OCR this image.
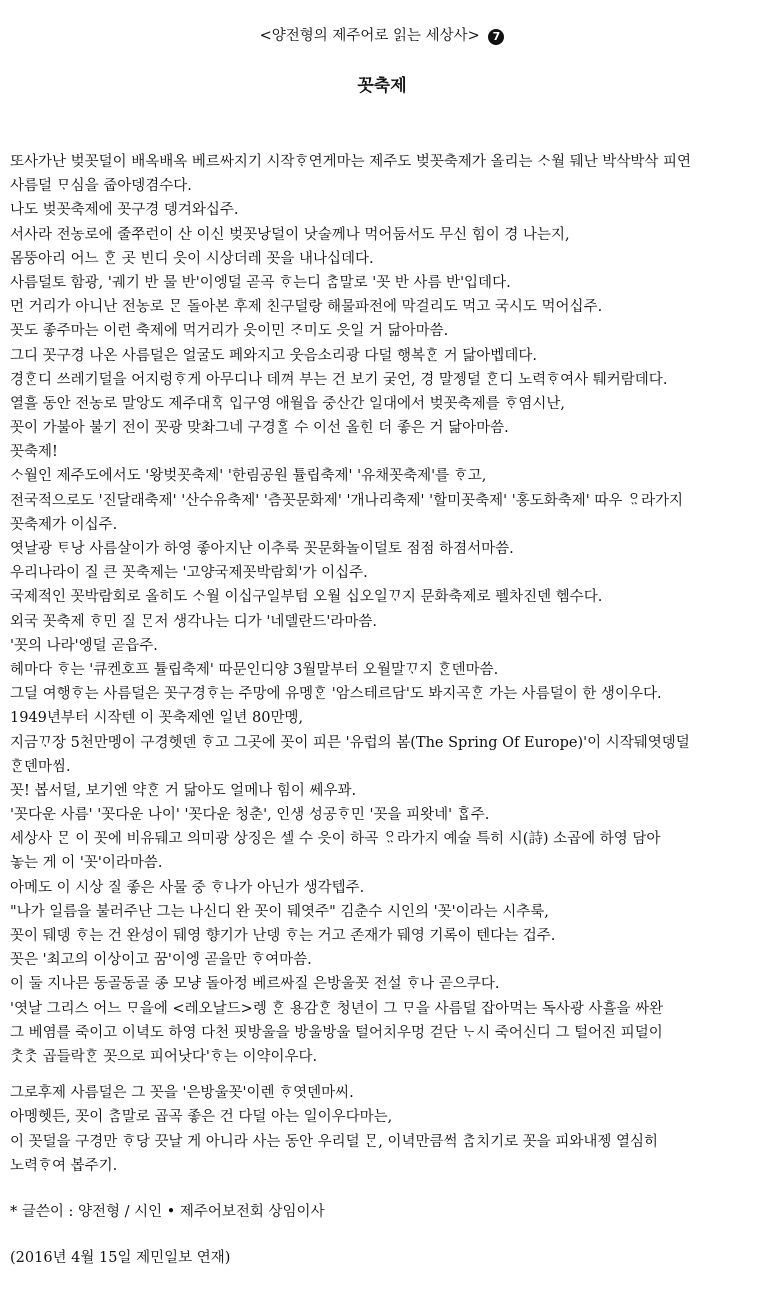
<양전형의 제주어로 읽는 세상사> 7
꼿축제
또사가난 벚꼿덜이 배옥배옥 베르싸지기 시작ᄒᆞ연게마는 제주도 벚꼿축제가 올리는 ᄉᆞ월 뒈난 박삭박삭 피연
사름덜 ᄆᆞ심을 줍아뎅겸수다.
나도 벚꼿축제에 꼿구경 뎅겨와십주.
서사라 전농로에 줄쭈런이 산 이신 벚꼿낭덜이 낫술께나 먹어둠서도 무신 힘이 경 나는지,
몸뚱아리 어느 ᄒᆞᆫ 곳 빈디 읏이 시상더레 꼿을 내나십데다.
사름덜토 함광, '궤기 반 물 반'이엥덜 곧곡 ᄒᆞ는디 ᄎᆞᆷ말로 '꼿 반 사름 반'입데다.
먼 거리가 아니난 전농로 ᄆᆞᆫ 돌아본 후제 친구덜랑 해물파전에 막걸리도 먹고 국시도 먹어십주.
꼿도 좋주마는 이런 축제에 먹거리가 읏이민 ᄌᆞ미도 읏일 거 닮아마씀.
그디 꼿구경 나온 사름덜은 얼굴도 페와지고 웃음소리광 다덜 행복ᄒᆞᆫ 거 닮아벱데다.
경ᄒᆞᆫ디 쓰레기덜을 어지렁ᄒᆞ게 아무디나 데껴 부는 건 보기 궂언, 경 말젱덜 ᄒᆞᆫ디 노력ᄒᆞ여사 퉤커람데다.
열흘 동안 전농로 말앙도 제주대ᄒᆞᆨ 입구영 애월읍 중산간 일대에서 벚꼿축제를 ᄒᆞ염시난,
꼿이 가불아 불기 전이 꼿광 맞촤그네 구경ᄒᆞᆯ 수 이선 올힌 더 좋은 거 닮아마씀.
꼿축제!
ᄉᆞ월인 제주도에서도 '왕벚꼿축제' '한림공원 튤립축제' '유채꼿축제'를 ᄒᆞ고,
전국적으로도 '진달래축제' '산수유축제' '츰꼿문화제' '개나리축제' '할미꼿축제' '홍도화축제' 따우 ᄋᆢ라가지
꼿축제가 이십주.
엿날광 ᄐᆞ낭 사름살이가 하영 좋아지난 이추룩 꼿문화놀이덜토 점점 하졈서마씀.
우리나라이 질 큰 꼿축제는 '고양국제꼿박람회'가 이십주.
국제적인 꼿박람회로 올히도 ᄉᆞ월 이십구일부텀 오월 십오일ᄁᆞ지 문화축제로 펠차진덴 헴수다.
외국 꼿축제 ᄒᆞ민 질 ᄆᆞᆫ저 생각나는 디가 '네델란드'라마씀.
'꼿의 나라'엥덜 곧읍주.
헤마다 ᄒᆞ는 '큐켄호프 튤립축제' 따문인디양 3월말부터 오월말ᄁᆞ지 ᄒᆞᆫ덴마씀.
그딜 여행ᄒᆞ는 사름덜은 꼿구경ᄒᆞ는 주망에 유멩ᄒᆞᆫ '암스테르담'도 봐지곡ᄒᆞᆫ 가는 사름덜이 한 생이우다.
1949년부터 시작텐 이 꼿축제엔 일년 80만멩,
지금ᄁᆞ장 5천만멩이 구경헷덴 ᄒᆞ고 그곳에 꼿이 피믄 '유럽의 봄(The Spring Of Europe)'이 시작뒈엿뎅덜
ᄒᆞᆫ덴마씸.
꼿! 봅서덜, 보기엔 약ᄒᆞᆫ 거 닮아도 얼메나 힘이 쎄우꽈.
'꼿다운 사름' '꼿다운 나이' '꼿다운 청춘', 인생 성공ᄒᆞ민 '꼿을 피왓네' ᄒᆞᆸ주.
세상사 ᄆᆞᆫ 이 꼿에 비유뒈고 의미광 상징은 셀 수 읏이 하곡 ᄋᆢ라가지 예술 특히 시(詩) 소곱에 하영 담아
놓는 게 이 '꼿'이라마씀.
아메도 이 시상 질 좋은 사물 중 ᄒᆞ나가 아닌가 생각텝주.
"나가 일름을 불러주난 그는 나신디 완 꼿이 뒈엿주" 김춘수 시인의 '꼿'이라는 시추룩,
꼿이 뒈뎅 ᄒᆞ는 건 완성이 뒈영 향기가 난뎅 ᄒᆞ는 거고 존재가 뒈영 기록이 텐다는 겁주.
꼿은 '최고의 이상이고 꿈'이엥 곧을만 ᄒᆞ여마씀.
이 둘 지나믄 동골동골 종 모냥 돌아정 베르싸질 은방울꼿 전설 ᄒᆞ나 곧으쿠다.
'엿날 그리스 어느 ᄆᆞ을에 <레오날드>렝 ᄒᆞᆫ 용감ᄒᆞᆫ 청년이 그 ᄆᆞ을 사름덜 잡아먹는 독사광 사흘을 싸완
그 베염를 죽이고 이녁도 하영 다천 핏방울을 방울방울 털어치우멍 걷단 ᄂᆞ시 죽어신디 그 털어진 피덜이
ᄎᆞᆺᄎᆞᆺ 곱들락ᄒᆞᆫ 꼿으로 피어낫다'ᄒᆞ는 이약이우다.
그로후제 사름덜은 그 꼿을 '은방울꼿'이렌 ᄒᆞ엿덴마씨.
아멩헷든, 꼿이 ᄎᆞᆷ말로 곱곡 좋은 건 다덜 아는 일이우다마는,
이 꼿덜을 구경만 ᄒᆞ당 끗날 게 아니라 사는 동안 우리덜 ᄆᆞᆫ, 이녁만큼썩 ᄎᆞᆷ치기로 꼿을 피와내젱 열심히
노력ᄒᆞ여 봅주기.
* 글쓴이 : 양전형 / 시인 • 제주어보전회 상임이사
(2016년 4월 15일 제민일보 연재)
